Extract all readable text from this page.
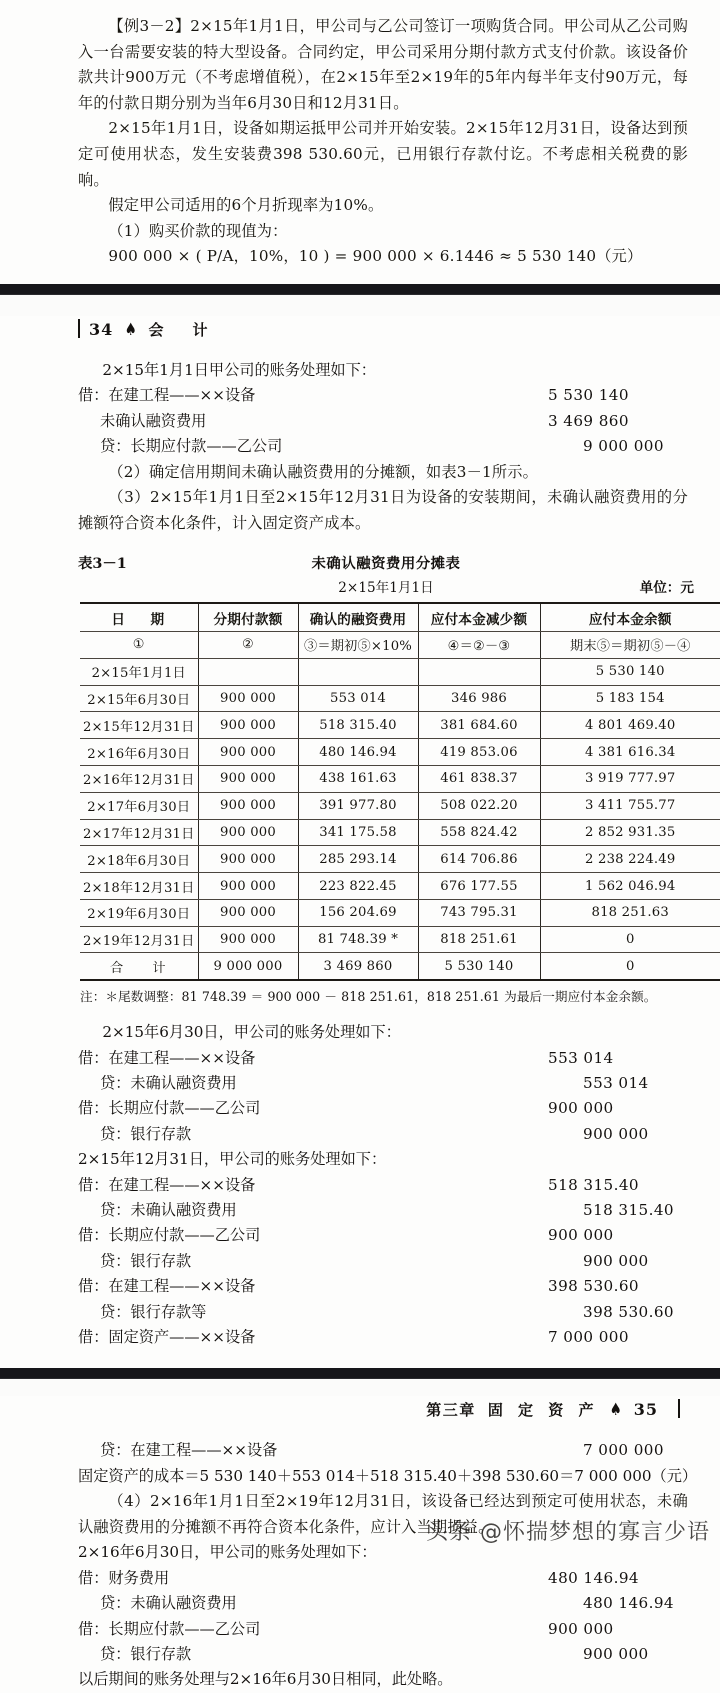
【例3－2】2×15年1月1日，甲公司与乙公司签订一项购货合同。甲公司从乙公司购入一台需要安装的特大型设备。合同约定，甲公司采用分期付款方式支付价款。该设备价款共计900万元（不考虑增值税），在2×15年至2×19年的5年内每半年支付90万元，每年的付款日期分别为当年6月30日和12月31日。

2×15年1月1日，设备如期运抵甲公司并开始安装。2×15年12月31日，设备达到预定可使用状态，发生安装费398 530.60元，已用银行存款付讫。不考虑相关税费的影响。

假定甲公司适用的6个月折现率为10%。

（1）购买价款的现值为：

900 000 × ( P/A，10%，10 ) = 900 000 × 6.1446 ≈ 5 530 140（元）

34 ♠ 会　计
2×15年1月1日甲公司的账务处理如下：
借：在建工程——××设备	5 530 140
未确认融资费用	3 469 860
贷：长期应付款——乙公司	9 000 000

（2）确定信用期间未确认融资费用的分摊额，如表3－1所示。

（3）2×15年1月1日至2×15年12月31日为设备的安装期间，未确认融资费用的分摊额符合资本化条件，计入固定资产成本。

表3－1	未确认融资费用分摊表
2×15年1月1日	单位：元
日　期	分期付款额	确认的融资费用	应付本金减少额	应付本金余额
①	②	③＝期初⑤×10%	④＝②－③	期末⑤＝期初⑤－④
2×15年1月1日				5 530 140
2×15年6月30日	900 000	553 014	346 986	5 183 154
2×15年12月31日	900 000	518 315.40	381 684.60	4 801 469.40
2×16年6月30日	900 000	480 146.94	419 853.06	4 381 616.34
2×16年12月31日	900 000	438 161.63	461 838.37	3 919 777.97
2×17年6月30日	900 000	391 977.80	508 022.20	3 411 755.77
2×17年12月31日	900 000	341 175.58	558 824.42	2 852 931.35
2×18年6月30日	900 000	285 293.14	614 706.86	2 238 224.49
2×18年12月31日	900 000	223 822.45	676 177.55	1 562 046.94
2×19年6月30日	900 000	156 204.69	743 795.31	818 251.63
2×19年12月31日	900 000	81 748.39 *	818 251.61	0
合　计	9 000 000	3 469 860	5 530 140	0
注：＊尾数调整：81 748.39 ＝ 900 000 － 818 251.61，818 251.61 为最后一期应付本金余额。
2×15年6月30日，甲公司的账务处理如下：
借：在建工程——××设备	553 014
贷：未确认融资费用	553 014
借：长期应付款——乙公司	900 000
贷：银行存款	900 000
2×15年12月31日，甲公司的账务处理如下：
借：在建工程——××设备	518 315.40
贷：未确认融资费用	518 315.40
借：长期应付款——乙公司	900 000
贷：银行存款	900 000
借：在建工程——××设备	398 530.60
贷：银行存款等	398 530.60
借：固定资产——××设备	7 000 000
第三章 固 定 资 产 ♠ 35
贷：在建工程——××设备	7 000 000
固定资产的成本＝5 530 140＋553 014＋518 315.40＋398 530.60＝7 000 000（元）

（4）2×16年1月1日至2×19年12月31日，该设备已经达到预定可使用状态，未确认融资费用的分摊额不再符合资本化条件，应计入当期损益。

2×16年6月30日，甲公司的账务处理如下：
借：财务费用	480 146.94
贷：未确认融资费用	480 146.94
借：长期应付款——乙公司	900 000
贷：银行存款	900 000
以后期间的账务处理与2×16年6月30日相同，此处略。
头条 @怀揣梦想的寡言少语
